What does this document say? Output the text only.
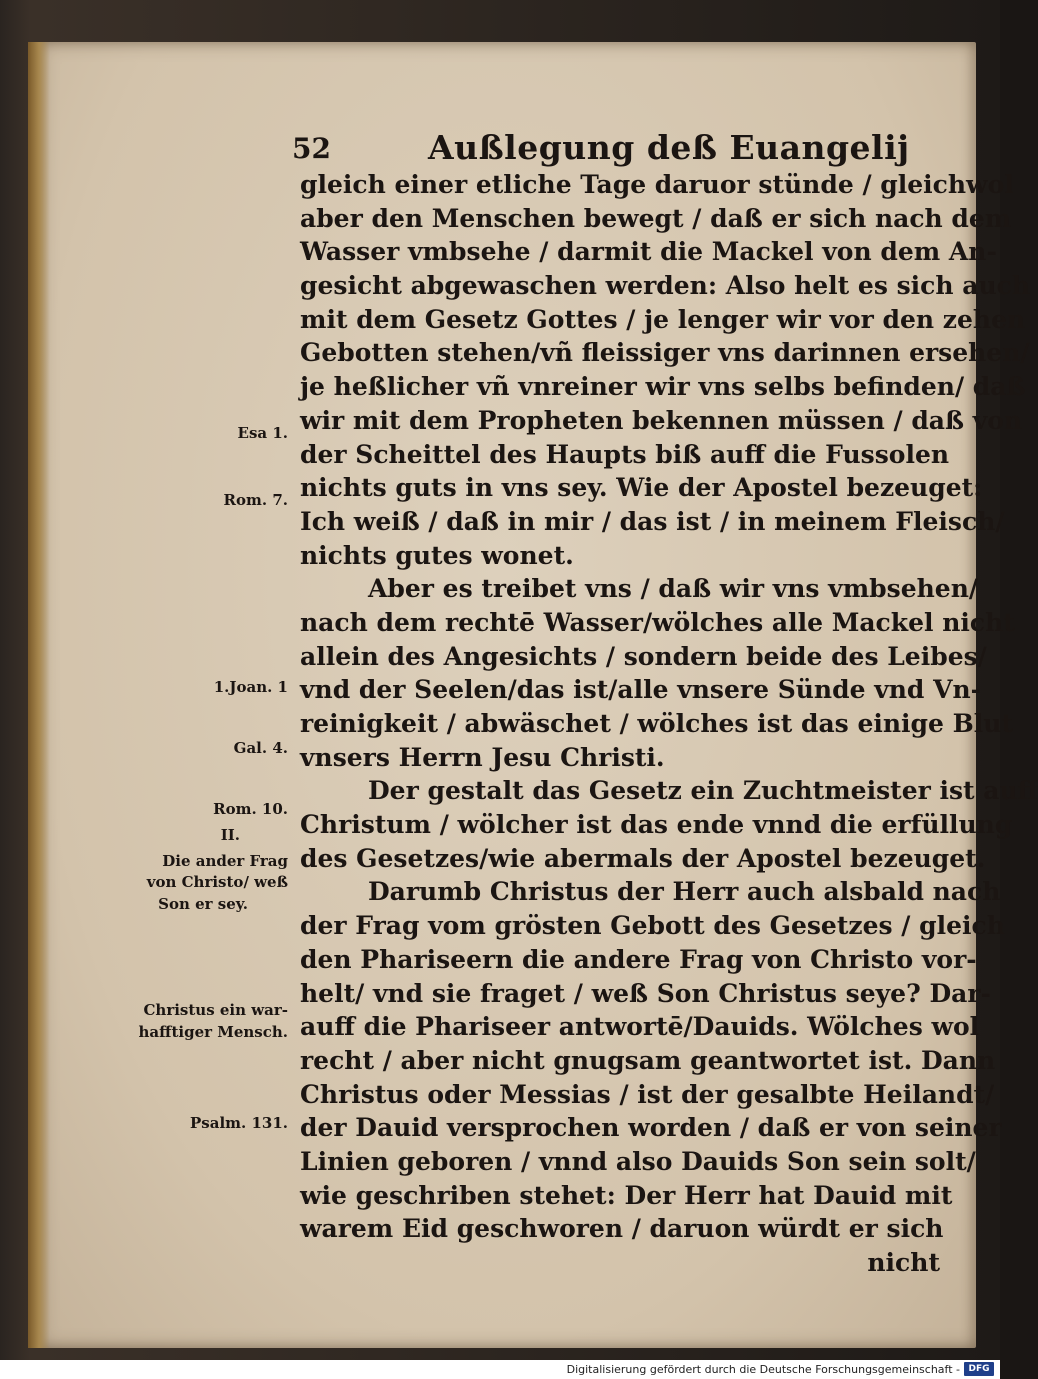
52	Außlegung deß Euangelij
gleich einer etliche Tage daruor stünde / gleichwol
aber den Menschen bewegt / daß er sich nach dem
Wasser vmbsehe / darmit die Mackel von dem An-
gesicht abgewaschen werden: Also helt es sich auch
mit dem Gesetz Gottes / je lenger wir vor den zehen
Gebotten stehen/vñ fleissiger vns darinnen ersehen/
je heßlicher vñ vnreiner wir vns selbs befinden/ daß
wir mit dem Propheten bekennen müssen / daß von
der Scheittel des Haupts biß auff die Fussolen
nichts guts in vns sey. Wie der Apostel bezeuget:
Ich weiß / daß in mir / das ist / in meinem Fleisch/
nichts gutes wonet.
Aber es treibet vns / daß wir vns vmbsehen/
nach dem rechtē Wasser/wölches alle Mackel nicht
allein des Angesichts / sondern beide des Leibes/
vnd der Seelen/das ist/alle vnsere Sünde vnd Vn-
reinigkeit / abwäschet / wölches ist das einige Blut
vnsers Herrn Jesu Christi.
Der gestalt das Gesetz ein Zuchtmeister ist auff
Christum / wölcher ist das ende vnnd die erfüllung
des Gesetzes/wie abermals der Apostel bezeuget.
Darumb Christus der Herr auch alsbald nach
der Frag vom grösten Gebott des Gesetzes / gleich
den Phariseern die andere Frag von Christo vor-
helt/ vnd sie fraget / weß Son Christus seye? Dar-
auff die Phariseer antwortē/Dauids. Wölches wol
recht / aber nicht gnugsam geantwortet ist. Dann
Christus oder Messias / ist der gesalbte Heilandt/
der Dauid versprochen worden / daß er von seiner
Linien geboren / vnnd also Dauids Son sein solt/
wie geschriben stehet: Der Herr hat Dauid mit
warem Eid geschworen / daruon würdt er sich
nicht
Esa 1.
Rom. 7.
1.Joan. 1
Gal. 4.
Rom. 10.
II.
Die ander Frag
von Christo/ weß
Son er sey.
Christus ein war-
hafftiger Mensch.
Psalm. 131.
Digitalisierung gefördert durch die Deutsche Forschungsgemeinschaft - DFG
